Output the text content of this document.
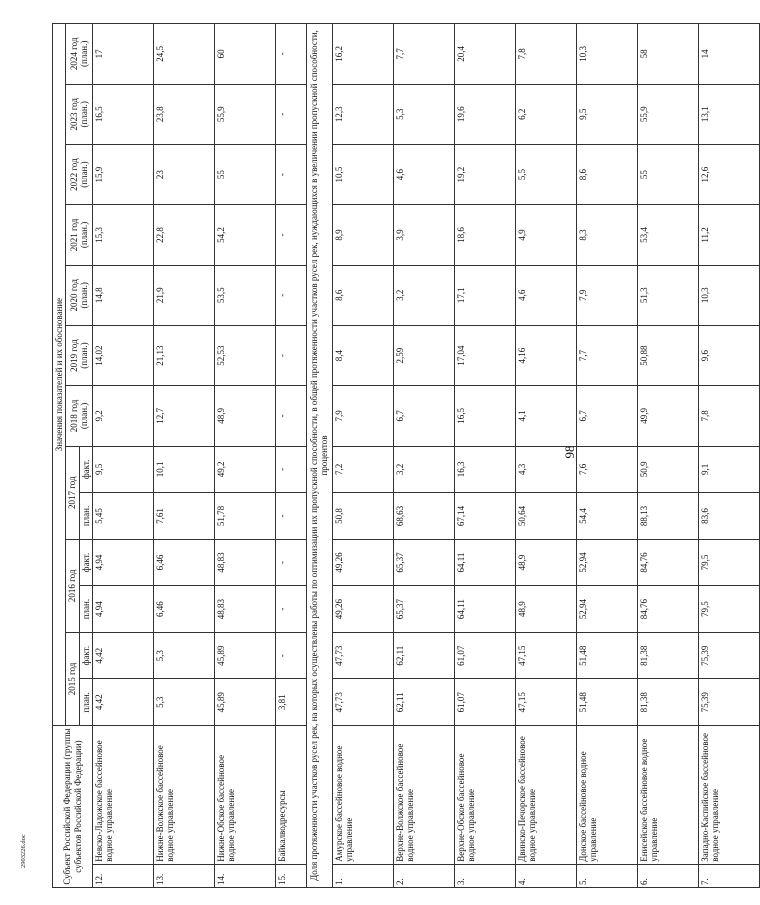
98
2903226.doc	Субъект Российской Федерации (группы субъектов Российской Федерации)		Значения показателей и их обоснование												
		2015 год		2016 год		2017 год		2018 год (план.)	2019 год (план.)	2020 год (план.)	2021 год (план.)	2022 год (план.)	2023 год (план.)	2024 год (план.)
		план.	факт.	план.	факт.	план.	факт.							
12.	Невско-Ладожское бассейновое водное управление	4,42	4,42	4,94	4,94	5,45	9,5	9,2	14,02	14,8	15,3	15,9	16,5	17
13.	Нижне-Волжское бассейновое водное управление	5,3	5,3	6,46	6,46	7,61	10,1	12,7	21,13	21,9	22,8	23	23,8	24,5
14.	Нижне-Обское бассейновое водное управление	45,89	45,89	48,83	48,83	51,78	49,2	48,9	52,53	53,5	54,2	55	55,9	60
15.	Байкалводресурсы	3,81	-	-	-	-	-	-	-	-	-	-	-	-
Доля протяженности участков русел рек, на которых осуществлены работы по оптимизации их пропускной способности, в общей протяженности участков русел рек, нуждающихся в увеличении пропускной способности, процентов														
1.	Амурское бассейновое водное управление	47,73	47,73	49,26	49,26	50,8	7,2	7,9	8,4	8,6	8,9	10,5	12,3	16,2
2.	Верхне-Волжское бассейновое водное управление	62,11	62,11	65,37	65,37	68,63	3,2	6,7	2,59	3,2	3,9	4,6	5,3	7,7
3.	Верхне-Обское бассейновое водное управление	61,07	61,07	64,11	64,11	67,14	16,3	16,5	17,04	17,1	18,6	19,2	19,6	20,4
4.	Двинско-Печорское бассейновое водное управление	47,15	47,15	48,9	48,9	50,64	4,3	4,1	4,16	4,6	4,9	5,5	6,2	7,8
5.	Донское бассейновое водное управление	51,48	51,48	52,94	52,94	54,4	7,6	6,7	7,7	7,9	8,3	8,6	9,5	10,3
6.	Енисейское бассейновое водное управление	81,38	81,38	84,76	84,76	88,13	50,9	49,9	50,88	51,3	53,4	55	55,9	58
7.	Западно-Каспийское бассейновое водное управление	75,39	75,39	79,5	79,5	83,6	9,1	7,8	9,6	10,3	11,2	12,6	13,1	14
